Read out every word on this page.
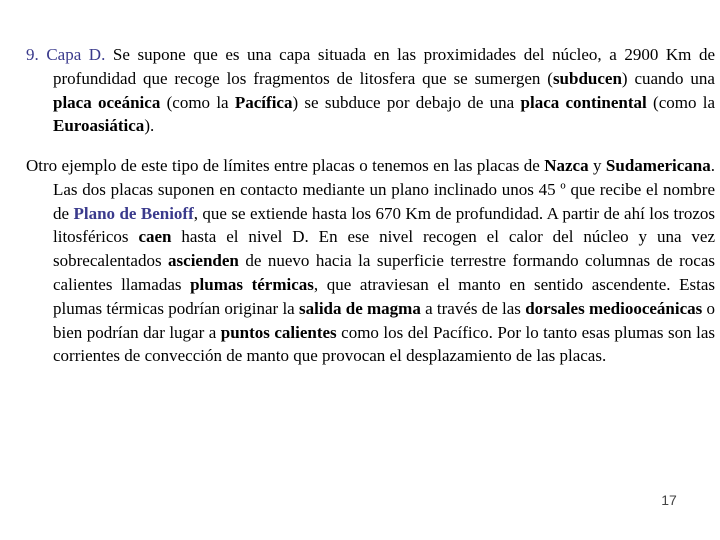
9. Capa D. Se supone que es una capa situada en las proximidades del núcleo, a 2900 Km de profundidad que recoge los fragmentos de litosfera que se sumergen (subducen) cuando una placa oceánica (como la Pacífica) se subduce por debajo de una placa continental (como la Euroasiática).

Otro ejemplo de este tipo de límites entre placas o tenemos en las placas de Nazca y Sudamericana. Las dos placas suponen en contacto mediante un plano inclinado unos 45 º que recibe el nombre de Plano de Benioff, que se extiende hasta los 670 Km de profundidad. A partir de ahí los trozos litosféricos caen hasta el nivel D. En ese nivel recogen el calor del núcleo y una vez sobrecalentados ascienden de nuevo hacia la superficie terrestre formando columnas de rocas calientes llamadas plumas térmicas, que atraviesan el manto en sentido ascendente. Estas plumas térmicas podrían originar la salida de magma a través de las dorsales mediooceánicas o bien podrían dar lugar a puntos calientes como los del Pacífico. Por lo tanto esas plumas son las corrientes de convección de manto que provocan el desplazamiento de las placas.

17
